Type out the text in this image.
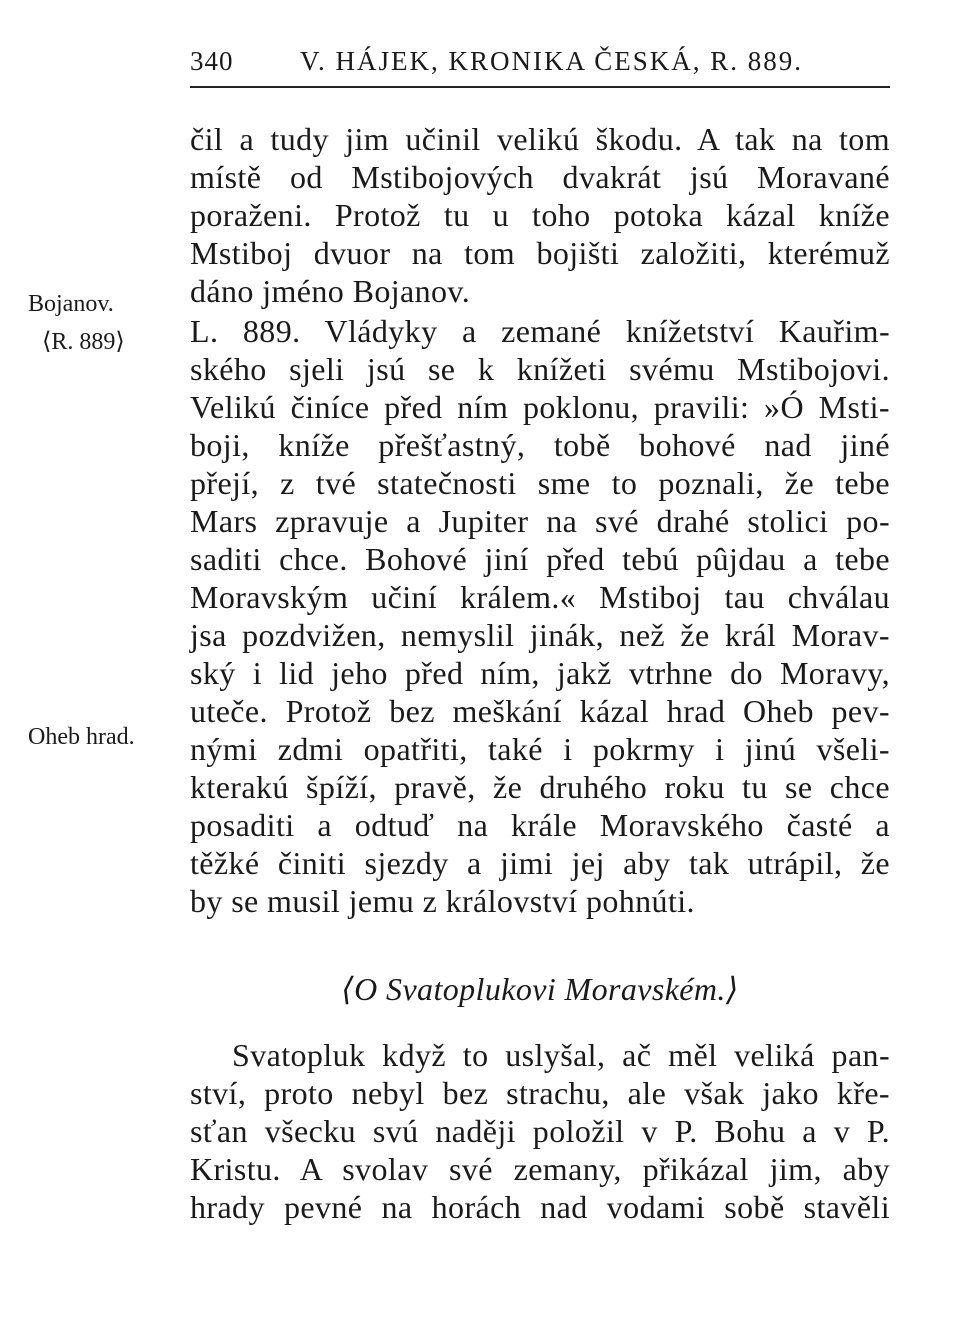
340 V. HÁJEK, KRONIKA ČESKÁ, R. 889.
Bojanov.
⟨R. 889⟩
Oheb hrad.
čil a tudy jim učinil velikú škodu. A tak na tom
místě od Mstibojových dvakrát jsú Moravané
poraženi. Protož tu u toho potoka kázal kníže
Mstiboj dvuor na tom bojišti založiti, kterémuž
dáno jméno Bojanov.
L. 889. Vládyky a zemané knížetství Kauřim-
ského sjeli jsú se k knížeti svému Mstibojovi.
Velikú činíce před ním poklonu, pravili: »Ó Msti-
boji, kníže přešťastný, tobě bohové nad jiné
přejí, z tvé statečnosti sme to poznali, že tebe
Mars zpravuje a Jupiter na své drahé stolici po-
saditi chce. Bohové jiní před tebú pûjdau a tebe
Moravským učiní králem.« Mstiboj tau chválau
jsa pozdvižen, nemyslil jinák, než že král Morav-
ský i lid jeho před ním, jakž vtrhne do Moravy,
uteče. Protož bez meškání kázal hrad Oheb pev-
nými zdmi opatřiti, také i pokrmy i jinú všeli-
kterakú špíží, pravě, že druhého roku tu se chce
posaditi a odtuď na krále Moravského časté a
těžké činiti sjezdy a jimi jej aby tak utrápil, že
by se musil jemu z království pohnúti.
⟨O Svatoplukovi Moravském.⟩
Svatopluk když to uslyšal, ač měl veliká pan-
ství, proto nebyl bez strachu, ale však jako kře-
sťan všecku svú naději položil v P. Bohu a v P.
Kristu. A svolav své zemany, přikázal jim, aby
hrady pevné na horách nad vodami sobě stavěli
